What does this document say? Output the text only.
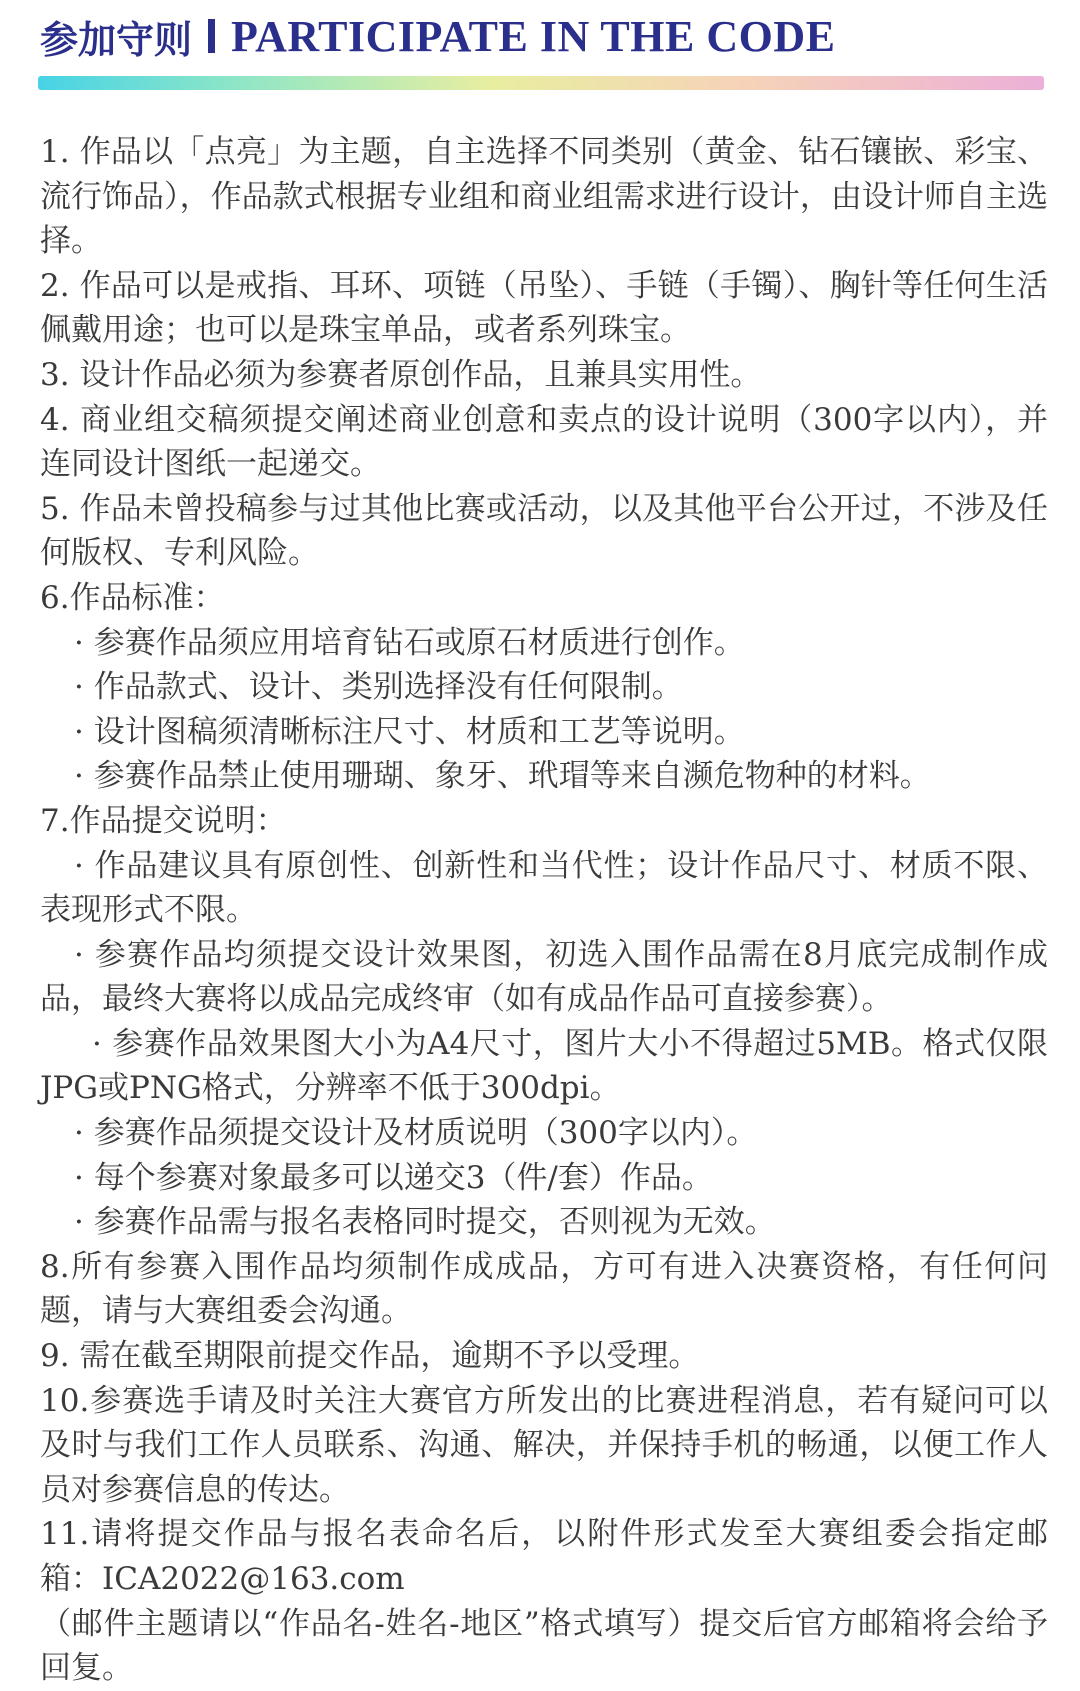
参加守则 PARTICIPATE IN THE CODE

1. 作品以「点亮」为主题，自主选择不同类别（黄金、钻石镶嵌、彩宝、流行饰品），作品款式根据专业组和商业组需求进行设计，由设计师自主选择。

2. 作品可以是戒指、耳环、项链（吊坠）、手链（手镯）、胸针等任何生活佩戴用途；也可以是珠宝单品，或者系列珠宝。

3. 设计作品必须为参赛者原创作品，且兼具实用性。

4. 商业组交稿须提交阐述商业创意和卖点的设计说明（300字以内），并连同设计图纸一起递交。

5. 作品未曾投稿参与过其他比赛或活动，以及其他平台公开过，不涉及任何版权、专利风险。

6.作品标准：

· 参赛作品须应用培育钻石或原石材质进行创作。

· 作品款式、设计、类别选择没有任何限制。

· 设计图稿须清晰标注尺寸、材质和工艺等说明。

· 参赛作品禁止使用珊瑚、象牙、玳瑁等来自濒危物种的材料。

7.作品提交说明：

· 作品建议具有原创性、创新性和当代性；设计作品尺寸、材质不限、表现形式不限。

· 参赛作品均须提交设计效果图，初选入围作品需在8月底完成制作成品，最终大赛将以成品完成终审（如有成品作品可直接参赛）。

· 参赛作品效果图大小为A4尺寸，图片大小不得超过5MB。格式仅限JPG或PNG格式，分辨率不低于300dpi。

· 参赛作品须提交设计及材质说明（300字以内）。

· 每个参赛对象最多可以递交3（件/套）作品。

· 参赛作品需与报名表格同时提交，否则视为无效。

8.所有参赛入围作品均须制作成成品，方可有进入决赛资格，有任何问题，请与大赛组委会沟通。

9. 需在截至期限前提交作品，逾期不予以受理。

10.参赛选手请及时关注大赛官方所发出的比赛进程消息，若有疑问可以及时与我们工作人员联系、沟通、解决，并保持手机的畅通，以便工作人员对参赛信息的传达。

11.请将提交作品与报名表命名后，以附件形式发至大赛组委会指定邮箱：ICA2022@163.com

（邮件主题请以“作品名-姓名-地区”格式填写）提交后官方邮箱将会给予回复。
